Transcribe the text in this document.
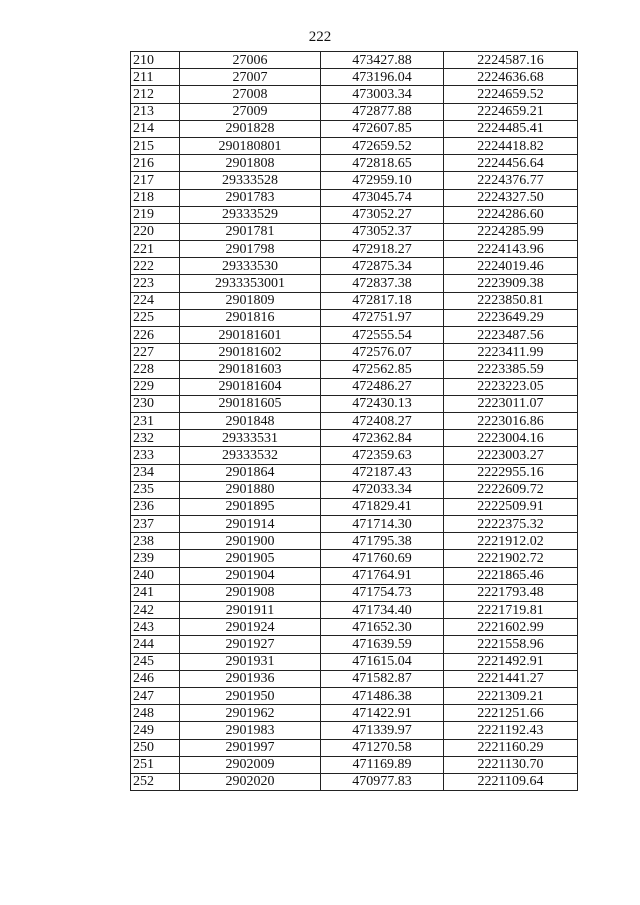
222
210	27006	473427.88	2224587.16
211	27007	473196.04	2224636.68
212	27008	473003.34	2224659.52
213	27009	472877.88	2224659.21
214	2901828	472607.85	2224485.41
215	290180801	472659.52	2224418.82
216	2901808	472818.65	2224456.64
217	29333528	472959.10	2224376.77
218	2901783	473045.74	2224327.50
219	29333529	473052.27	2224286.60
220	2901781	473052.37	2224285.99
221	2901798	472918.27	2224143.96
222	29333530	472875.34	2224019.46
223	2933353001	472837.38	2223909.38
224	2901809	472817.18	2223850.81
225	2901816	472751.97	2223649.29
226	290181601	472555.54	2223487.56
227	290181602	472576.07	2223411.99
228	290181603	472562.85	2223385.59
229	290181604	472486.27	2223223.05
230	290181605	472430.13	2223011.07
231	2901848	472408.27	2223016.86
232	29333531	472362.84	2223004.16
233	29333532	472359.63	2223003.27
234	2901864	472187.43	2222955.16
235	2901880	472033.34	2222609.72
236	2901895	471829.41	2222509.91
237	2901914	471714.30	2222375.32
238	2901900	471795.38	2221912.02
239	2901905	471760.69	2221902.72
240	2901904	471764.91	2221865.46
241	2901908	471754.73	2221793.48
242	2901911	471734.40	2221719.81
243	2901924	471652.30	2221602.99
244	2901927	471639.59	2221558.96
245	2901931	471615.04	2221492.91
246	2901936	471582.87	2221441.27
247	2901950	471486.38	2221309.21
248	2901962	471422.91	2221251.66
249	2901983	471339.97	2221192.43
250	2901997	471270.58	2221160.29
251	2902009	471169.89	2221130.70
252	2902020	470977.83	2221109.64
